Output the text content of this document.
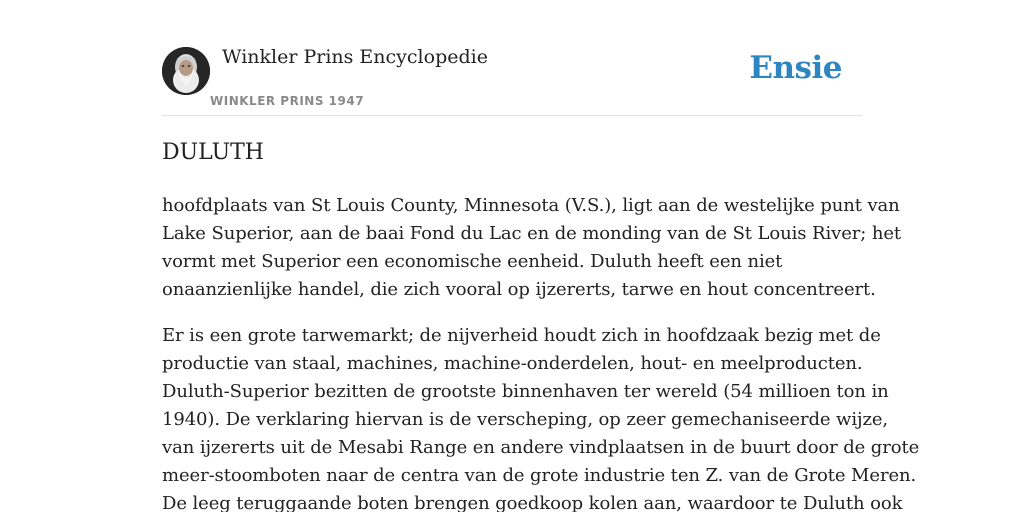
Winkler Prins Encyclopedie
WINKLER PRINS 1947
Ensie
DULUTH

hoofdplaats van St Louis County, Minnesota (V.S.), ligt aan de westelijke punt van
Lake Superior, aan de baai Fond du Lac en de monding van de St Louis River; het
vormt met Superior een economische eenheid. Duluth heeft een niet
onaanzienlijke handel, die zich vooral op ijzererts, tarwe en hout concentreert.

Er is een grote tarwemarkt; de nijverheid houdt zich in hoofdzaak bezig met de
productie van staal, machines, machine-onderdelen, hout- en meelproducten.
Duluth-Superior bezitten de grootste binnenhaven ter wereld (54 millioen ton in
1940). De verklaring hiervan is de verscheping, op zeer gemechaniseerde wijze,
van ijzererts uit de Mesabi Range en andere vindplaatsen in de buurt door de grote
meer-stoomboten naar de centra van de grote industrie ten Z. van de Grote Meren.
De leeg teruggaande boten brengen goedkoop kolen aan, waardoor te Duluth ook
